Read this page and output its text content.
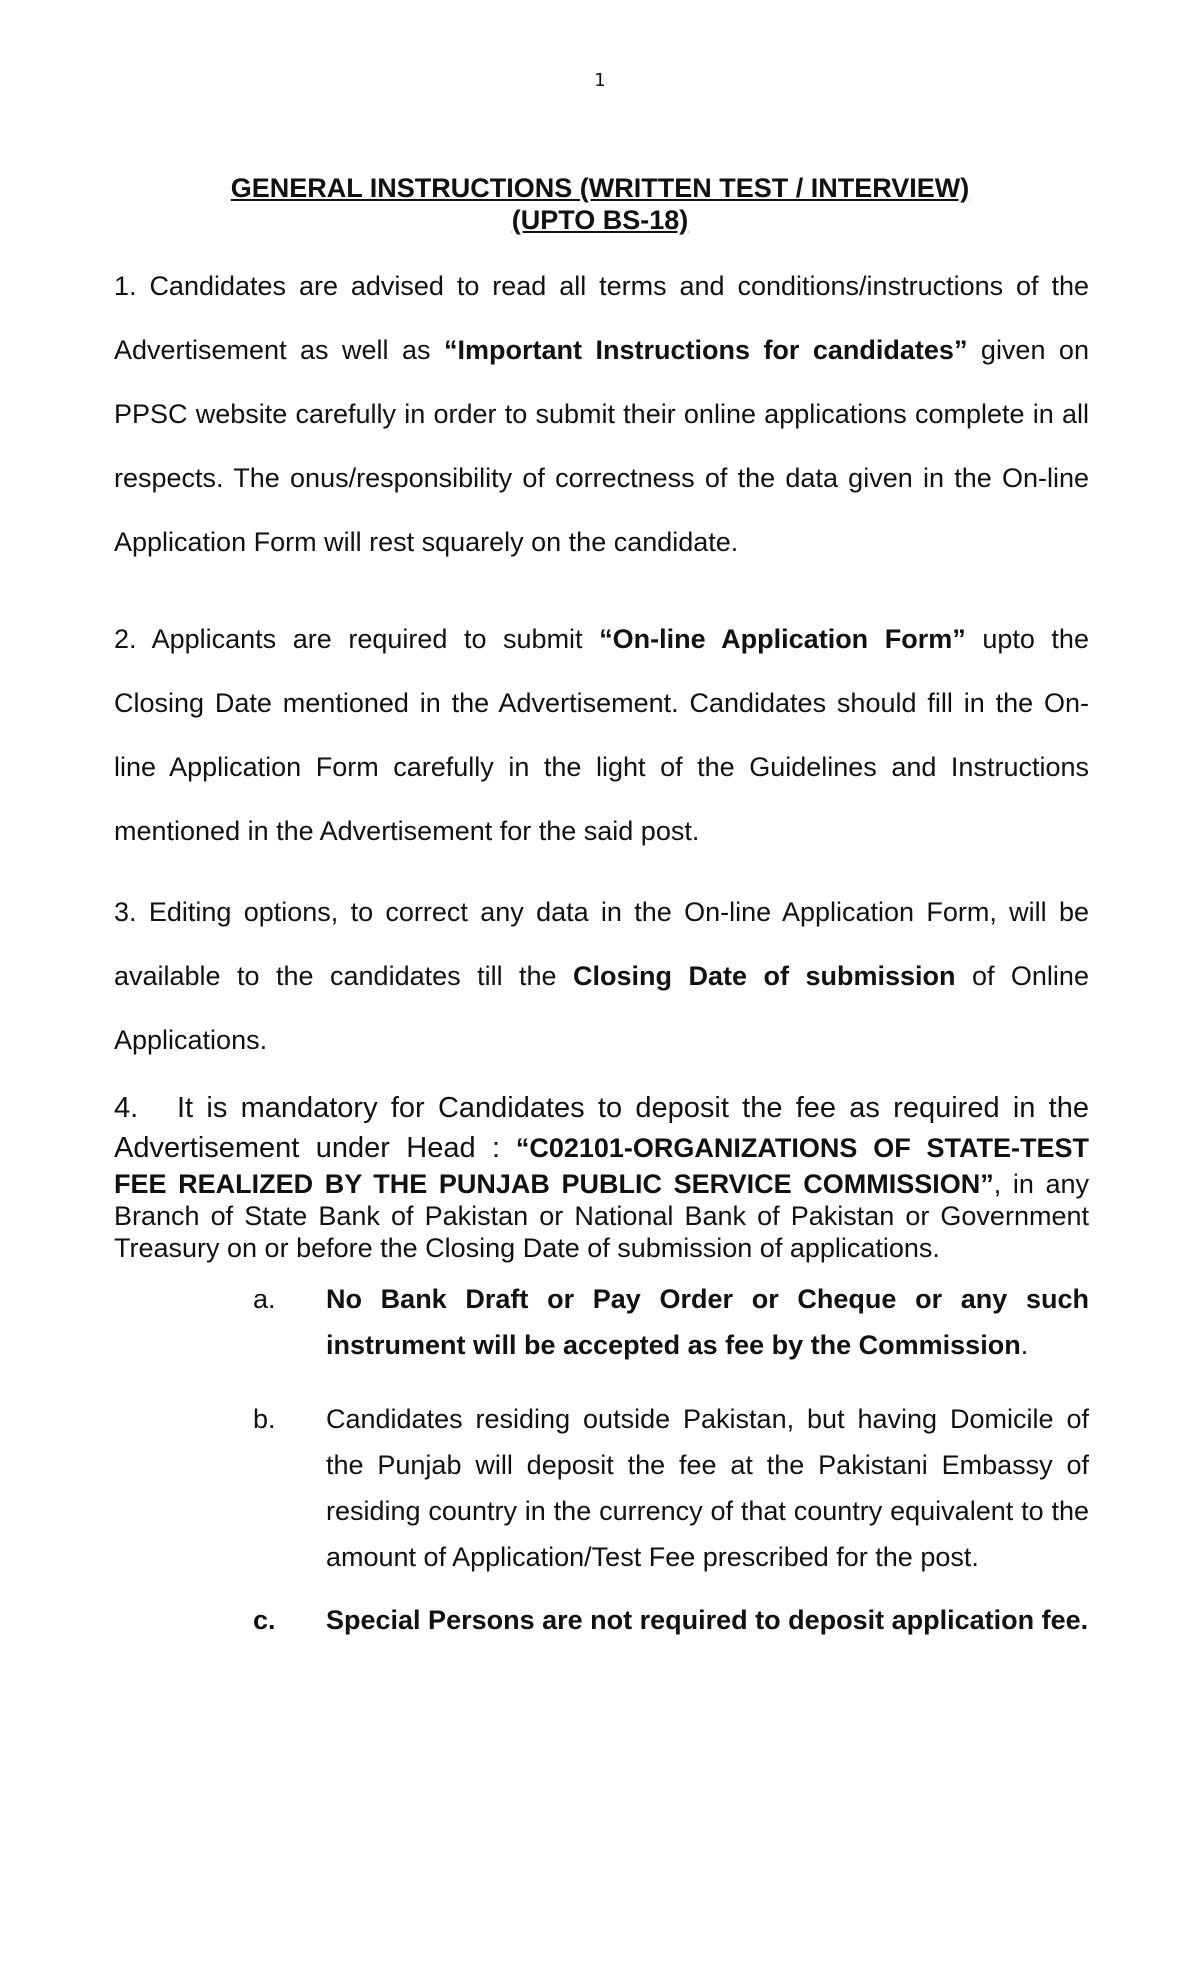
1
GENERAL INSTRUCTIONS (WRITTEN TEST / INTERVIEW)
(UPTO BS-18)

1. Candidates are advised to read all terms and conditions/instructions of the Advertisement as well as “Important Instructions for candidates” given on PPSC website carefully in order to submit their online applications complete in all respects. The onus/responsibility of correctness of the data given in the On-line Application Form will rest squarely on the candidate.

2. Applicants are required to submit “On-line Application Form” upto the Closing Date mentioned in the Advertisement. Candidates should fill in the On-line Application Form carefully in the light of the Guidelines and Instructions mentioned in the Advertisement for the said post.

3. Editing options, to correct any data in the On-line Application Form, will be available to the candidates till the Closing Date of submission of Online Applications.

4. It is mandatory for Candidates to deposit the fee as required in the Advertisement under Head : “C02101-ORGANIZATIONS OF STATE-TEST FEE REALIZED BY THE PUNJAB PUBLIC SERVICE COMMISSION”, in any Branch of State Bank of Pakistan or National Bank of Pakistan or Government Treasury on or before the Closing Date of submission of applications.

a.	No Bank Draft or Pay Order or Cheque or any such instrument will be accepted as fee by the Commission.
b.	Candidates residing outside Pakistan, but having Domicile of the Punjab will deposit the fee at the Pakistani Embassy of residing country in the currency of that country equivalent to the amount of Application/Test Fee prescribed for the post.
c.	Special Persons are not required to deposit application fee.
